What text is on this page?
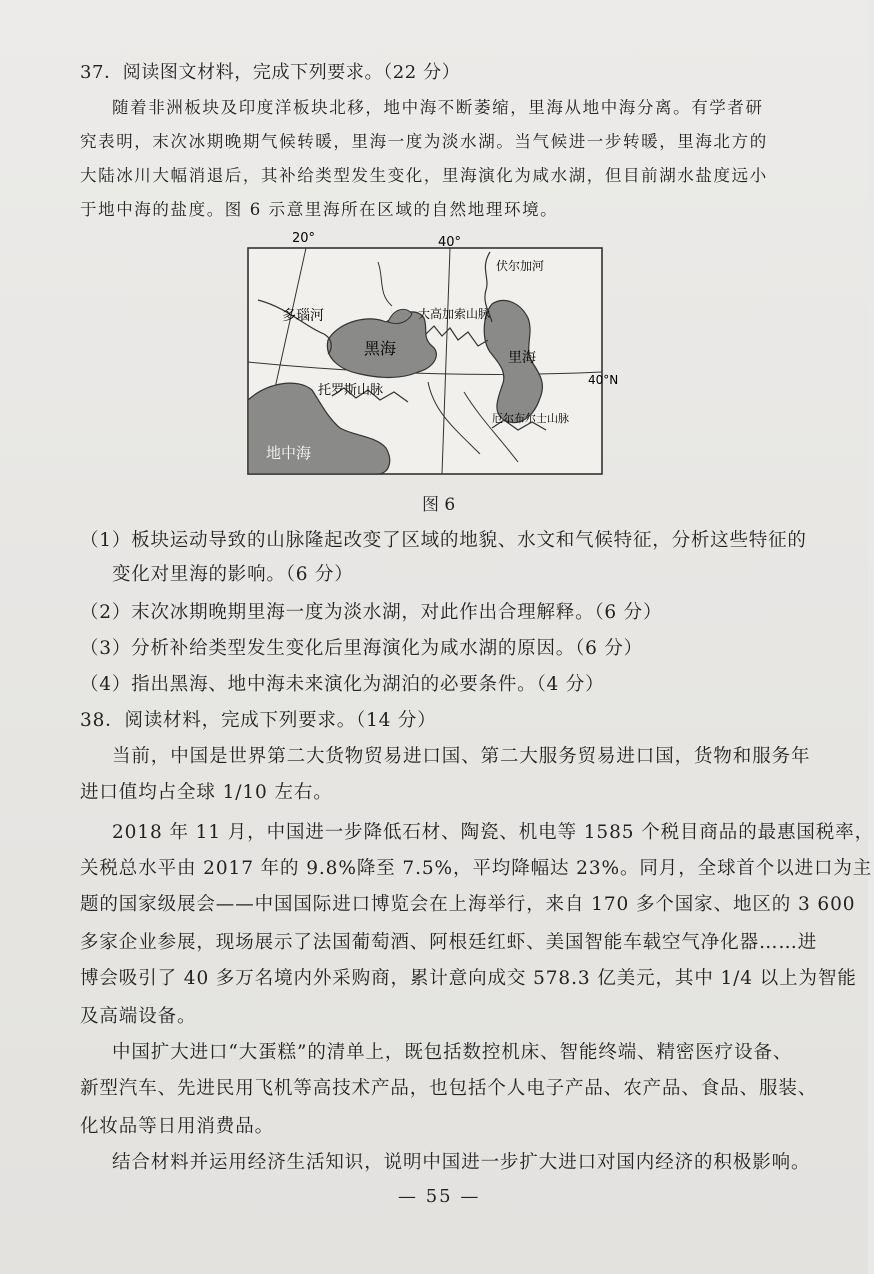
37．阅读图文材料，完成下列要求。（22 分）
随着非洲板块及印度洋板块北移，地中海不断萎缩，里海从地中海分离。有学者研
究表明，末次冰期晚期气候转暖，里海一度为淡水湖。当气候进一步转暖，里海北方的
大陆冰川大幅消退后，其补给类型发生变化，里海演化为咸水湖，但目前湖水盐度远小
于地中海的盐度。图 6 示意里海所在区域的自然地理环境。
20°	40°
40°N
多瑙河
伏尔加河
黑海	里海
地中海
大高加索山脉
托罗斯山脉
厄尔布尔士山脉
图 6
（1）板块运动导致的山脉隆起改变了区域的地貌、水文和气候特征，分析这些特征的
变化对里海的影响。（6 分）
（2）末次冰期晚期里海一度为淡水湖，对此作出合理解释。（6 分）
（3）分析补给类型发生变化后里海演化为咸水湖的原因。（6 分）
（4）指出黑海、地中海未来演化为湖泊的必要条件。（4 分）
38．阅读材料，完成下列要求。（14 分）
当前，中国是世界第二大货物贸易进口国、第二大服务贸易进口国，货物和服务年
进口值均占全球 1/10 左右。
2018 年 11 月，中国进一步降低石材、陶瓷、机电等 1585 个税目商品的最惠国税率，
关税总水平由 2017 年的 9.8%降至 7.5%，平均降幅达 23%。同月，全球首个以进口为主
题的国家级展会——中国国际进口博览会在上海举行，来自 170 多个国家、地区的 3 600
多家企业参展，现场展示了法国葡萄酒、阿根廷红虾、美国智能车载空气净化器……进
博会吸引了 40 多万名境内外采购商，累计意向成交 578.3 亿美元，其中 1/4 以上为智能
及高端设备。
中国扩大进口“大蛋糕”的清单上，既包括数控机床、智能终端、精密医疗设备、
新型汽车、先进民用飞机等高技术产品，也包括个人电子产品、农产品、食品、服装、
化妆品等日用消费品。
结合材料并运用经济生活知识，说明中国进一步扩大进口对国内经济的积极影响。
— 55 —
